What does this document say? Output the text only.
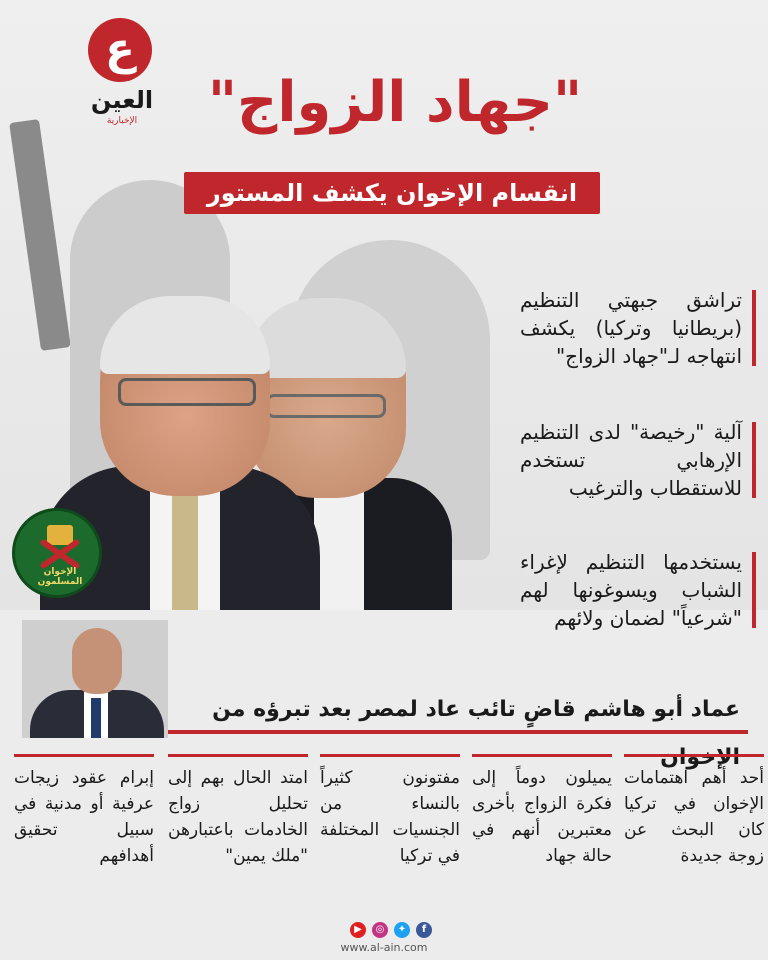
ع
العين
الإخبارية	"جهاد الزواج"
انقسام الإخوان يكشف المستور
الإخوان المسلمون
تراشق جبهتي التنظيم (بريطانيا وتركيا) يكشف انتهاجه لـ"جهاد الزواج"
آلية "رخيصة" لدى التنظيم الإرهابي تستخدم للاستقطاب والترغيب
يستخدمها التنظيم لإغراء الشباب ويسوغونها لهم "شرعياً" لضمان ولائهم
عماد أبو هاشم قاضٍ تائب عاد لمصر بعد تبرؤه من الإخوان
أحد أهم اهتمامات الإخوان في تركيا كان البحث عن زوجة جديدة
يميلون دوماً إلى فكرة الزواج بأخرى معتبرين أنهم في حالة جهاد
مفتونون كثيراً بالنساء من الجنسيات المختلفة في تركيا
امتد الحال بهم إلى تحليل زواج الخادمات باعتبارهن "ملك يمين"
إبرام عقود زيجات عرفية أو مدنية في سبيل تحقيق أهدافهم
▶	◎	✦	f
www.al-ain.com
